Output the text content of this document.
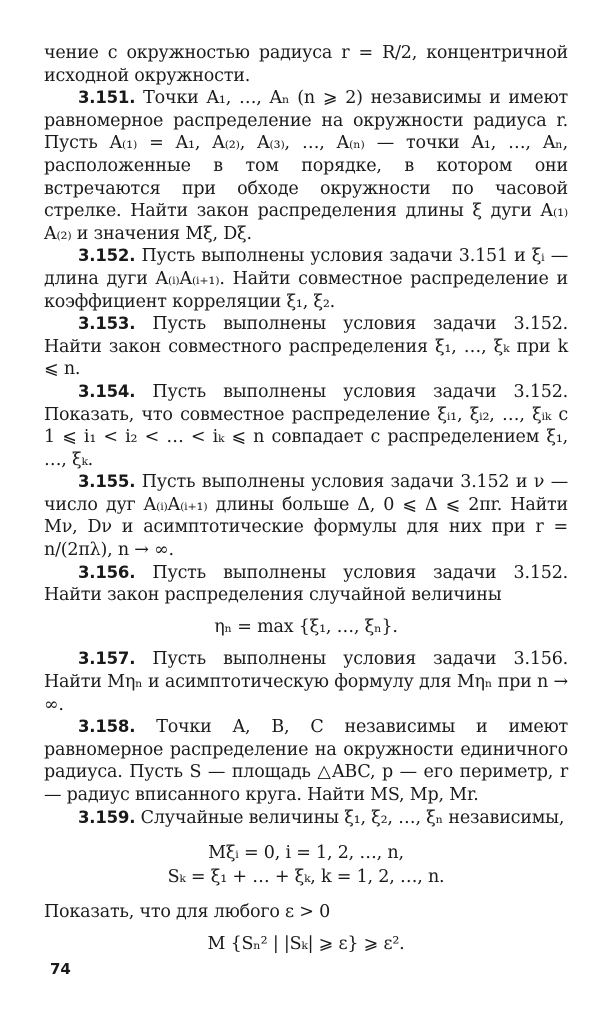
чение с окружностью радиуса r = R/2, концентричной исходной окружности.

3.151. Точки A₁, …, Aₙ (n ⩾ 2) независимы и имеют равномерное распределение на окружности радиуса r. Пусть A₍₁₎ = A₁, A₍₂₎, A₍₃₎, …, A₍ₙ₎ — точки A₁, …, Aₙ, расположенные в том порядке, в котором они встречаются при обходе окружности по часовой стрелке. Найти закон распределения длины ξ дуги A₍₁₎A₍₂₎ и значения Mξ, Dξ.

3.152. Пусть выполнены условия задачи 3.151 и ξᵢ — длина дуги A₍ᵢ₎A₍ᵢ₊₁₎. Найти совместное распределение и коэффициент корреляции ξ₁, ξ₂.

3.153. Пусть выполнены условия задачи 3.152. Найти закон совместного распределения ξ₁, …, ξₖ при k ⩽ n.

3.154. Пусть выполнены условия задачи 3.152. Показать, что совместное распределение ξᵢ₁, ξᵢ₂, …, ξᵢₖ с 1 ⩽ i₁ < i₂ < … < iₖ ⩽ n совпадает с распределением ξ₁, …, ξₖ.

3.155. Пусть выполнены условия задачи 3.152 и ν — число дуг A₍ᵢ₎A₍ᵢ₊₁₎ длины больше Δ, 0 ⩽ Δ ⩽ 2πr. Найти Mν, Dν и асимптотические формулы для них при r = n/(2πλ), n → ∞.

3.156. Пусть выполнены условия задачи 3.152. Найти закон распределения случайной величины

ηₙ = max {ξ₁, …, ξₙ}.

3.157. Пусть выполнены условия задачи 3.156. Найти Mηₙ и асимптотическую формулу для Mηₙ при n → ∞.

3.158. Точки A, B, C независимы и имеют равномерное распределение на окружности единичного радиуса. Пусть S — площадь △ABC, p — его периметр, r — радиус вписанного круга. Найти MS, Mp, Mr.

3.159. Случайные величины ξ₁, ξ₂, …, ξₙ независимы,

Mξᵢ = 0, i = 1, 2, …, n,
Sₖ = ξ₁ + … + ξₖ, k = 1, 2, …, n.

Показать, что для любого ε > 0

M {Sₙ² | |Sₖ| ⩾ ε} ⩾ ε².
74
